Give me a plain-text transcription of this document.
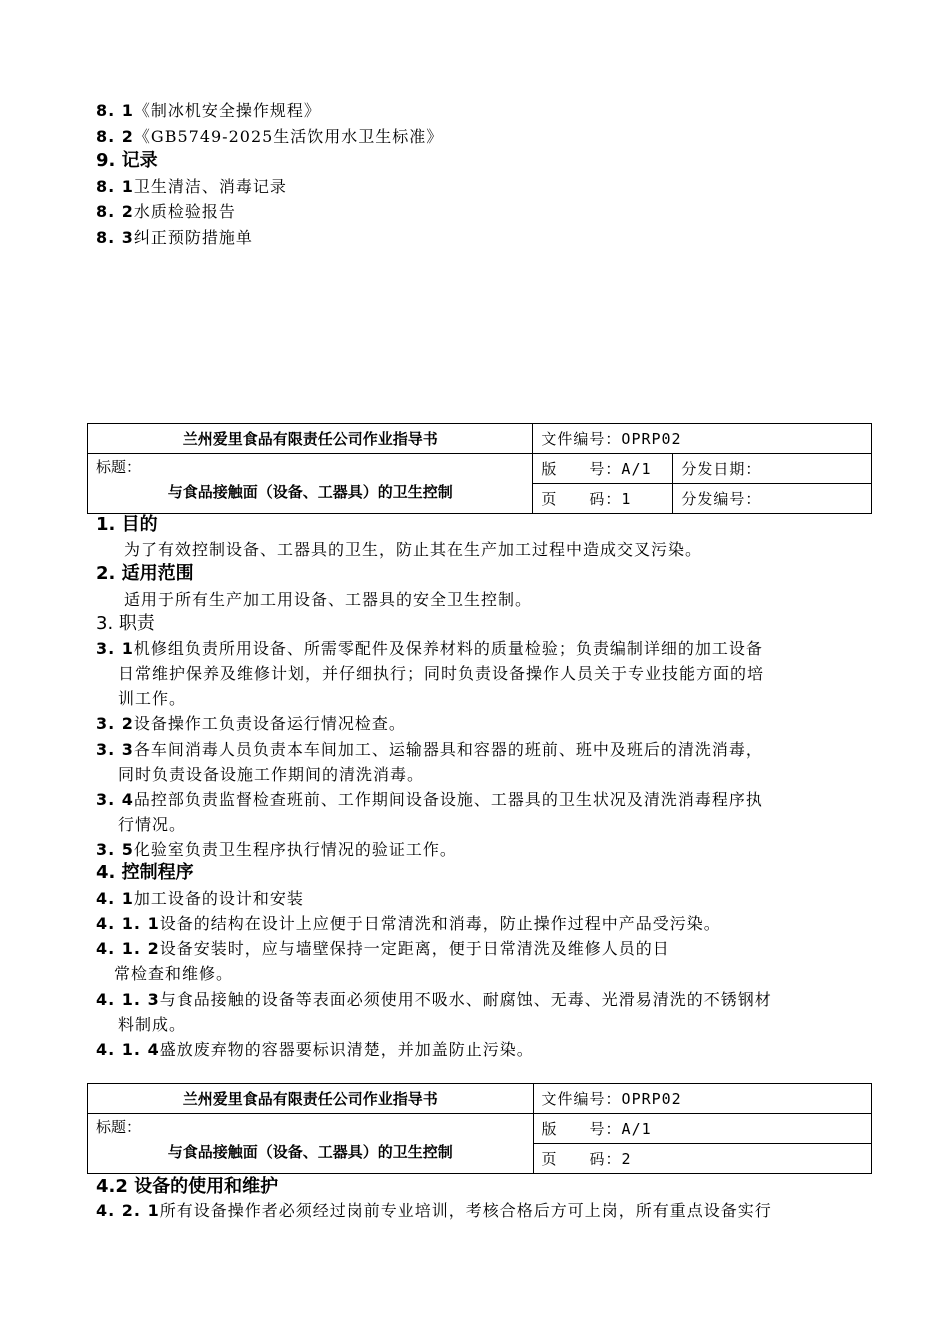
8. 1《制冰机安全操作规程》
8. 2《GB5749-2025生活饮用水卫生标准》
9. 记录
8. 1卫生清洁、消毒记录
8. 2水质检验报告
8. 3纠正预防措施单
兰州爱里食品有限责任公司作业指导书	文件编号：OPRP02	

标题：
与食品接触面（设备、工器具）的卫生控制	版　　号：A/1	分发日期：
	页　　码：1	分发编号：
1. 目的
为了有效控制设备、工器具的卫生，防止其在生产加工过程中造成交叉污染。
2. 适用范围
适用于所有生产加工用设备、工器具的安全卫生控制。
3. 职责
3. 1机修组负责所用设备、所需零配件及保养材料的质量检验；负责编制详细的加工设备
日常维护保养及维修计划，并仔细执行；同时负责设备操作人员关于专业技能方面的培
训工作。
3. 2设备操作工负责设备运行情况检查。
3. 3各车间消毒人员负责本车间加工、运输器具和容器的班前、班中及班后的清洗消毒，
同时负责设备设施工作期间的清洗消毒。
3. 4品控部负责监督检查班前、工作期间设备设施、工器具的卫生状况及清洗消毒程序执
行情况。
3. 5化验室负责卫生程序执行情况的验证工作。
4. 控制程序
4. 1加工设备的设计和安装
4. 1. 1设备的结构在设计上应便于日常清洗和消毒，防止操作过程中产品受污染。
4. 1. 2设备安装时，应与墙壁保持一定距离，便于日常清洗及维修人员的日
常检查和维修。
4. 1. 3与食品接触的设备等表面必须使用不吸水、耐腐蚀、无毒、光滑易清洗的不锈钢材
料制成。
4. 1. 4盛放废弃物的容器要标识清楚，并加盖防止污染。
兰州爱里食品有限责任公司作业指导书	文件编号：OPRP02

标题：
与食品接触面（设备、工器具）的卫生控制	版　　号：A/1
	页　　码：2
4.2 设备的使用和维护
4. 2. 1所有设备操作者必须经过岗前专业培训，考核合格后方可上岗，所有重点设备实行
